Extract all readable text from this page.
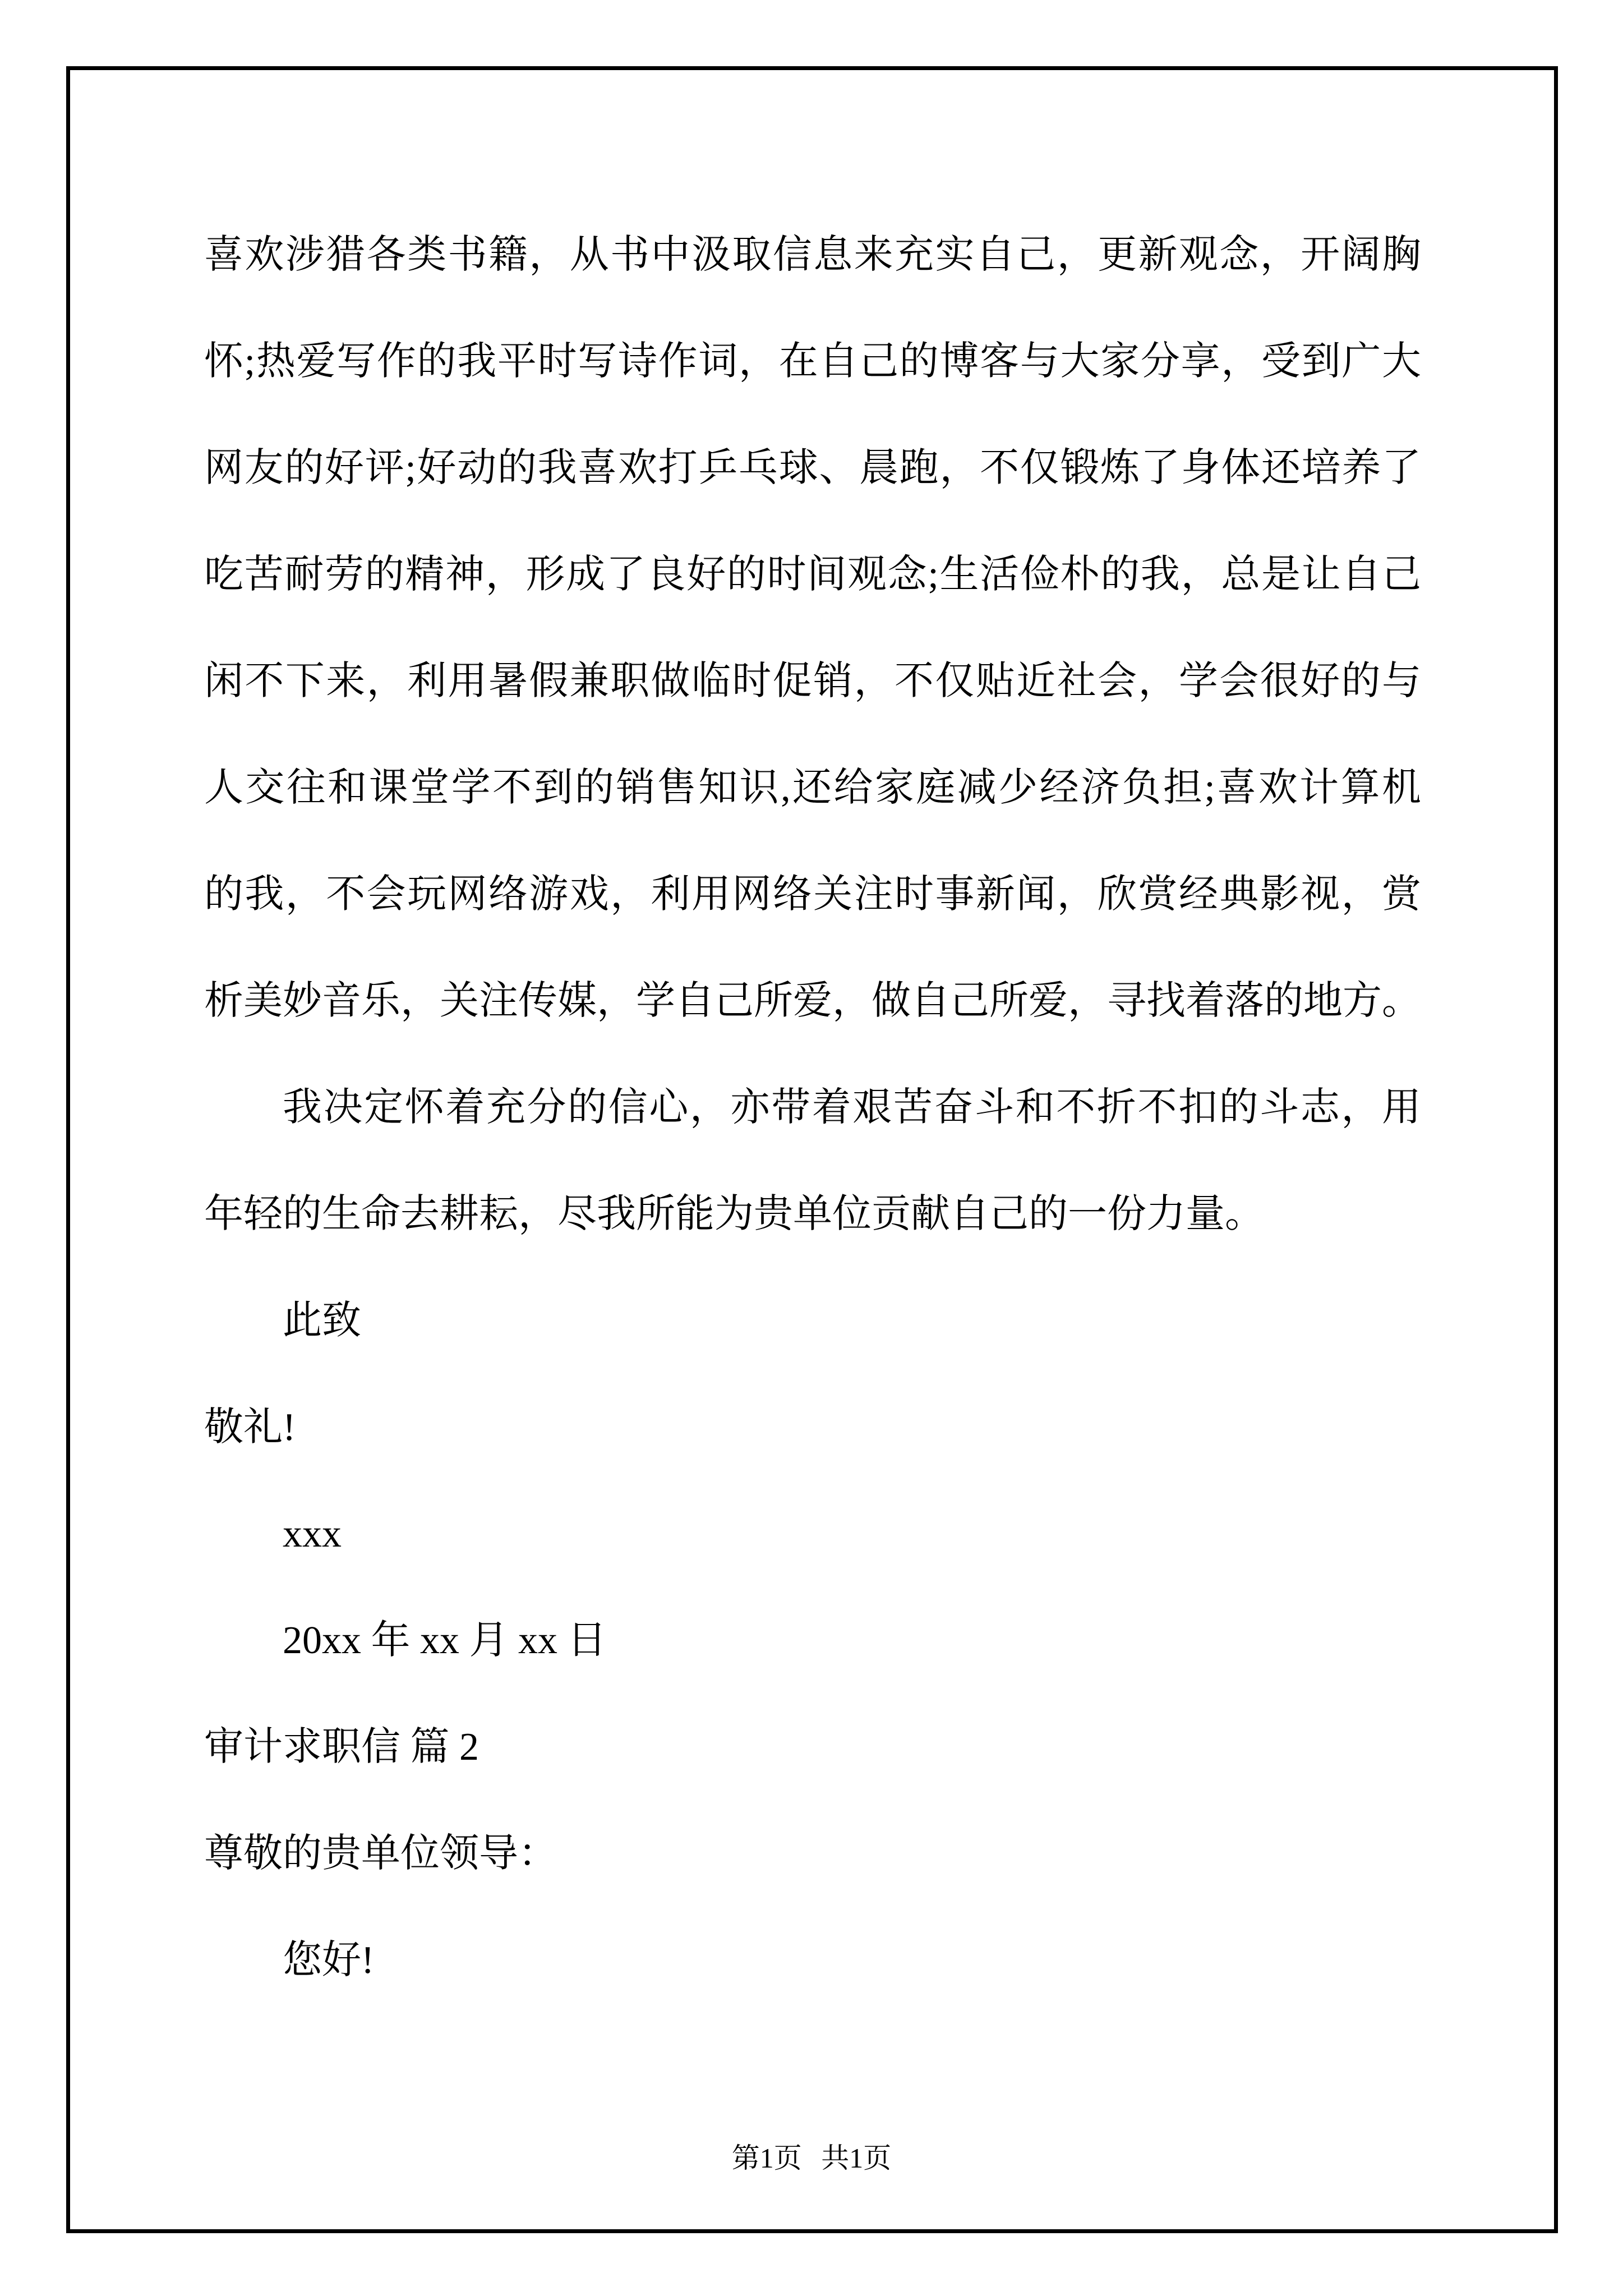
喜欢涉猎各类书籍，从书中汲取信息来充实自己，更新观念，开阔胸
怀;热爱写作的我平时写诗作词，在自己的博客与大家分享，受到广大
网友的好评;好动的我喜欢打乒乓球、晨跑，不仅锻炼了身体还培养了
吃苦耐劳的精神，形成了良好的时间观念;生活俭朴的我，总是让自己
闲不下来，利用暑假兼职做临时促销，不仅贴近社会，学会很好的与
人交往和课堂学不到的销售知识,还给家庭减少经济负担;喜欢计算机
的我，不会玩网络游戏，利用网络关注时事新闻，欣赏经典影视，赏
析美妙音乐，关注传媒，学自己所爱，做自己所爱，寻找着落的地方。
我决定怀着充分的信心，亦带着艰苦奋斗和不折不扣的斗志，用
年轻的生命去耕耘，尽我所能为贵单位贡献自己的一份力量。
此致
敬礼!
xxx
20xx 年 xx 月 xx 日
审计求职信 篇 2
尊敬的贵单位领导：
您好!
第1页 共1页
